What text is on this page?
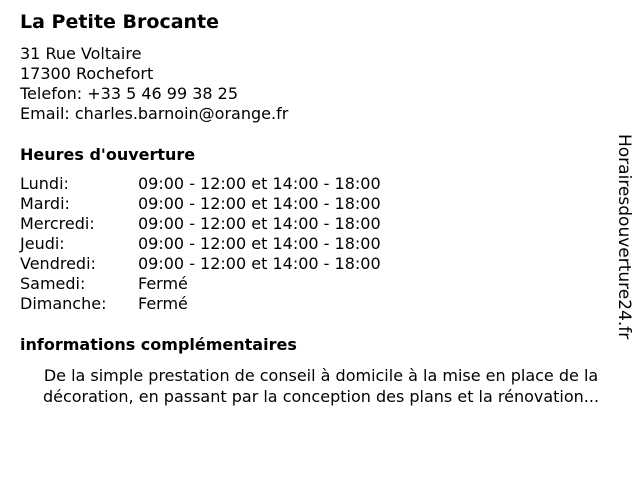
La Petite Brocante
31 Rue Voltaire
17300 Rochefort
Telefon: +33 5 46 99 38 25
Email: charles.barnoin@orange.fr
Heures d'ouverture
Lundi:	09:00 - 12:00 et 14:00 - 18:00
Mardi:	09:00 - 12:00 et 14:00 - 18:00
Mercredi:	09:00 - 12:00 et 14:00 - 18:00
Jeudi:	09:00 - 12:00 et 14:00 - 18:00
Vendredi:	09:00 - 12:00 et 14:00 - 18:00
Samedi:	Fermé
Dimanche:	Fermé
informations complémentaires
De la simple prestation de conseil à domicile à la mise en place de la décoration, en passant par la conception des plans et la rénovation...
Horairesdouverture24.fr
